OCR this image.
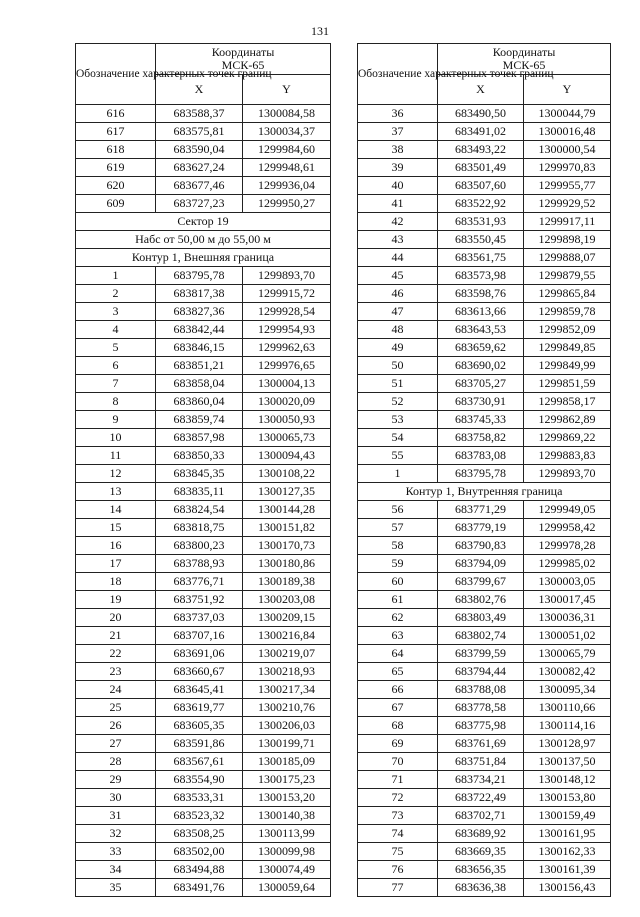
131
Обозначение характерных точек границ	Координаты
МСК-65	
	X	Y
616	683588,37	1300084,58
617	683575,81	1300034,37
618	683590,04	1299984,60
619	683627,24	1299948,61
620	683677,46	1299936,04
609	683727,23	1299950,27
Сектор 19		
Набс от 50,00 м до 55,00 м		
Контур 1, Внешняя граница		
1	683795,78	1299893,70
2	683817,38	1299915,72
3	683827,36	1299928,54
4	683842,44	1299954,93
5	683846,15	1299962,63
6	683851,21	1299976,65
7	683858,04	1300004,13
8	683860,04	1300020,09
9	683859,74	1300050,93
10	683857,98	1300065,73
11	683850,33	1300094,43
12	683845,35	1300108,22
13	683835,11	1300127,35
14	683824,54	1300144,28
15	683818,75	1300151,82
16	683800,23	1300170,73
17	683788,93	1300180,86
18	683776,71	1300189,38
19	683751,92	1300203,08
20	683737,03	1300209,15
21	683707,16	1300216,84
22	683691,06	1300219,07
23	683660,67	1300218,93
24	683645,41	1300217,34
25	683619,77	1300210,76
26	683605,35	1300206,03
27	683591,86	1300199,71
28	683567,61	1300185,09
29	683554,90	1300175,23
30	683533,31	1300153,20
31	683523,32	1300140,38
32	683508,25	1300113,99
33	683502,00	1300099,98
34	683494,88	1300074,49
35	683491,76	1300059,64
Обозначение характерных точек границ	Координаты
МСК-65	
	X	Y
36	683490,50	1300044,79
37	683491,02	1300016,48
38	683493,22	1300000,54
39	683501,49	1299970,83
40	683507,60	1299955,77
41	683522,92	1299929,52
42	683531,93	1299917,11
43	683550,45	1299898,19
44	683561,75	1299888,07
45	683573,98	1299879,55
46	683598,76	1299865,84
47	683613,66	1299859,78
48	683643,53	1299852,09
49	683659,62	1299849,85
50	683690,02	1299849,99
51	683705,27	1299851,59
52	683730,91	1299858,17
53	683745,33	1299862,89
54	683758,82	1299869,22
55	683783,08	1299883,83
1	683795,78	1299893,70
Контур 1, Внутренняя граница		
56	683771,29	1299949,05
57	683779,19	1299958,42
58	683790,83	1299978,28
59	683794,09	1299985,02
60	683799,67	1300003,05
61	683802,76	1300017,45
62	683803,49	1300036,31
63	683802,74	1300051,02
64	683799,59	1300065,79
65	683794,44	1300082,42
66	683788,08	1300095,34
67	683778,58	1300110,66
68	683775,98	1300114,16
69	683761,69	1300128,97
70	683751,84	1300137,50
71	683734,21	1300148,12
72	683722,49	1300153,80
73	683702,71	1300159,49
74	683689,92	1300161,95
75	683669,35	1300162,33
76	683656,35	1300161,39
77	683636,38	1300156,43
